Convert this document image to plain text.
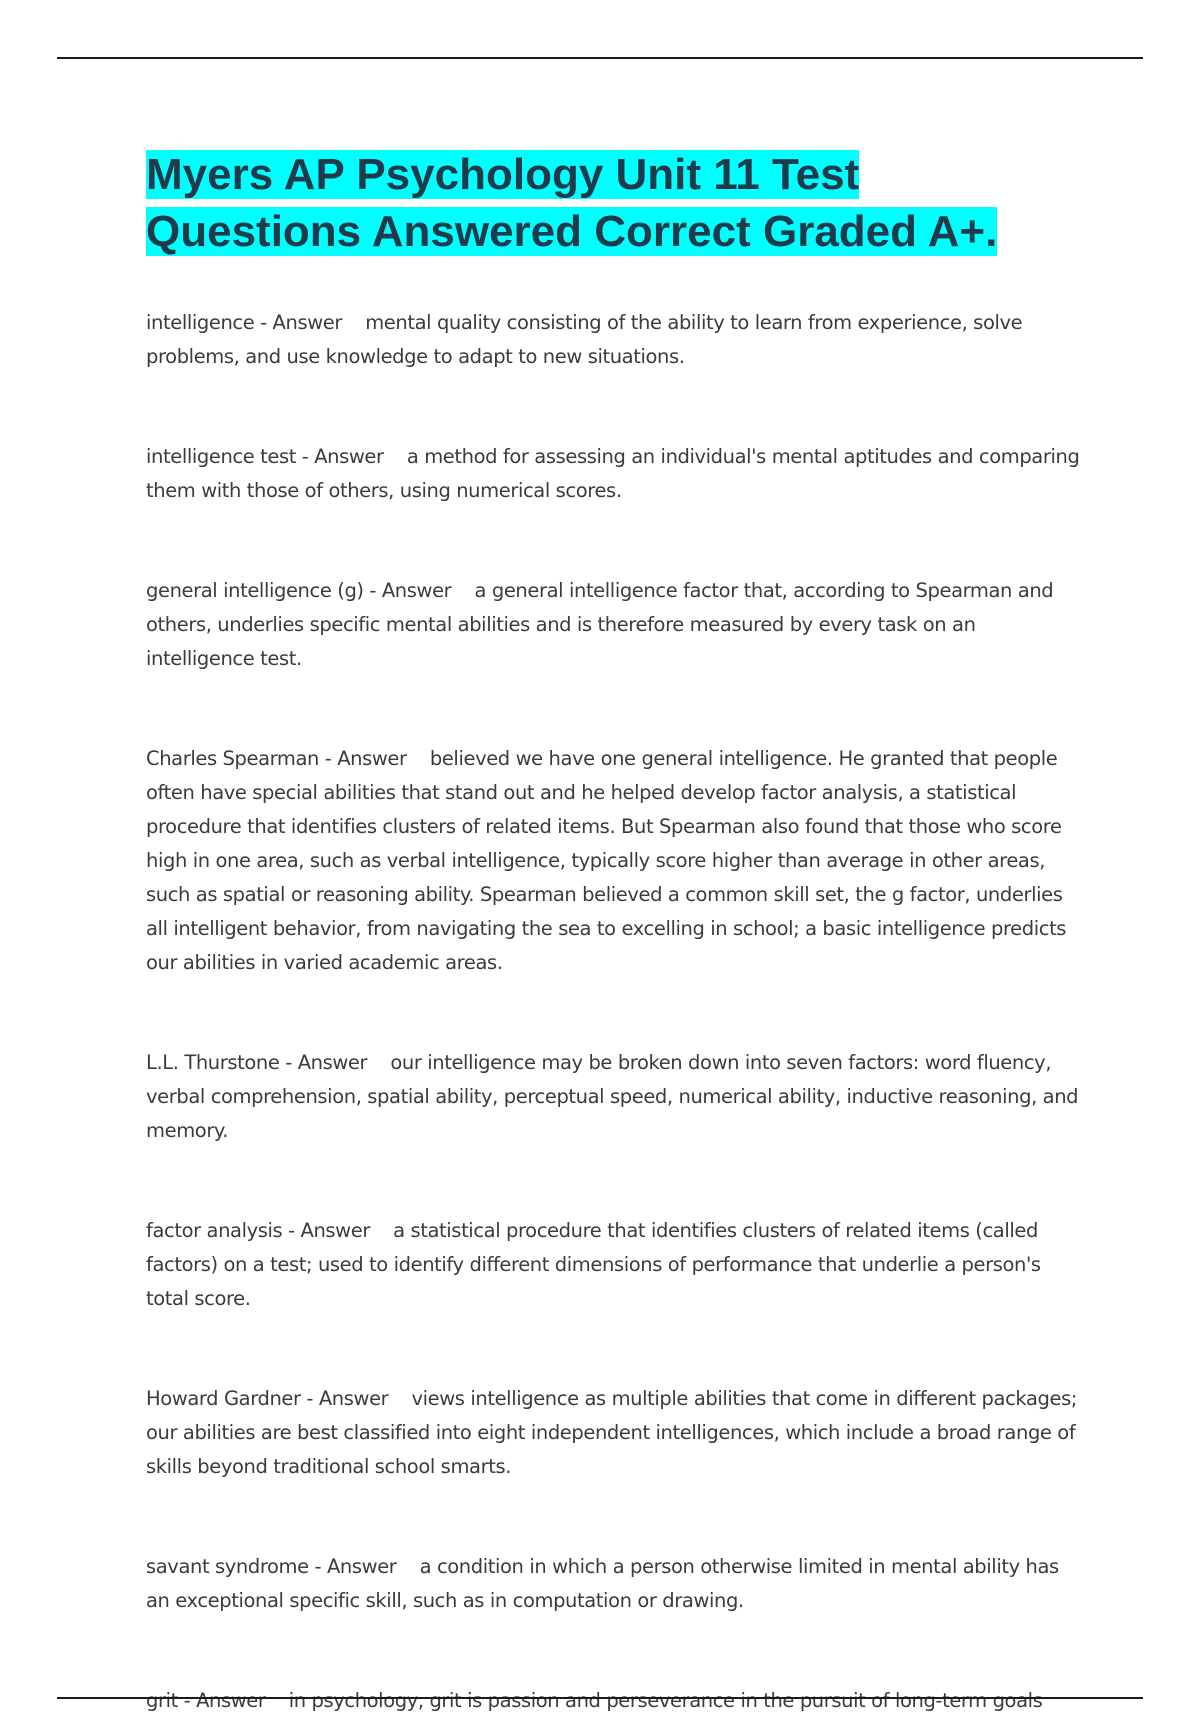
Myers AP Psychology Unit 11 Test Questions Answered Correct Graded A+.

intelligence - Answer mental quality consisting of the ability to learn from experience, solve problems, and use knowledge to adapt to new situations.

intelligence test - Answer a method for assessing an individual's mental aptitudes and comparing them with those of others, using numerical scores.

general intelligence (g) - Answer a general intelligence factor that, according to Spearman and others, underlies specific mental abilities and is therefore measured by every task on an intelligence test.

Charles Spearman - Answer believed we have one general intelligence. He granted that people often have special abilities that stand out and he helped develop factor analysis, a statistical procedure that identifies clusters of related items. But Spearman also found that those who score high in one area, such as verbal intelligence, typically score higher than average in other areas, such as spatial or reasoning ability. Spearman believed a common skill set, the g factor, underlies all intelligent behavior, from navigating the sea to excelling in school; a basic intelligence predicts our abilities in varied academic areas.

L.L. Thurstone - Answer our intelligence may be broken down into seven factors: word fluency, verbal comprehension, spatial ability, perceptual speed, numerical ability, inductive reasoning, and memory.

factor analysis - Answer a statistical procedure that identifies clusters of related items (called factors) on a test; used to identify different dimensions of performance that underlie a person's total score.

Howard Gardner - Answer views intelligence as multiple abilities that come in different packages; our abilities are best classified into eight independent intelligences, which include a broad range of skills beyond traditional school smarts.

savant syndrome - Answer a condition in which a person otherwise limited in mental ability has an exceptional specific skill, such as in computation or drawing.

grit - Answer in psychology, grit is passion and perseverance in the pursuit of long-term goals
